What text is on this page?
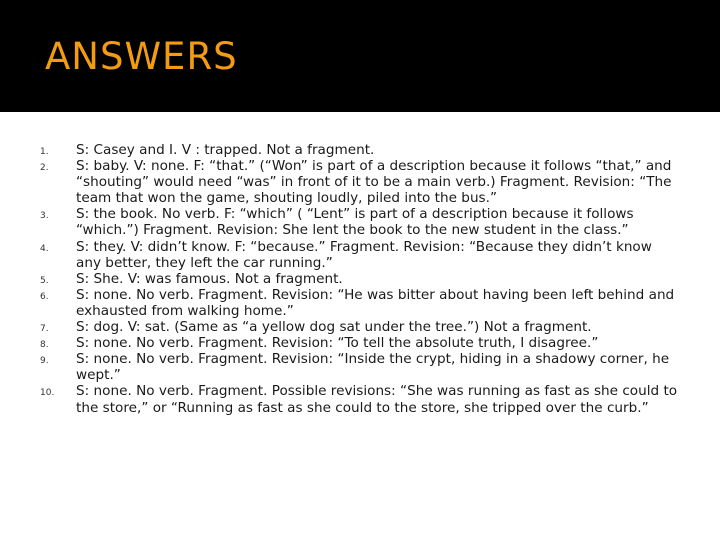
ANSWERS
1. S: Casey and I. V : trapped. Not a fragment.
2. S: baby. V: none. F: “that.” (“Won” is part of a description because it follows “that,” and “shouting” would need “was” in front of it to be a main verb.) Fragment. Revision: “The team that won the game, shouting loudly, piled into the bus.”
3. S: the book. No verb. F: “which” ( “Lent” is part of a description because it follows “which.”) Fragment. Revision: She lent the book to the new student in the class.”
4. S: they. V: didn’t know. F: “because.” Fragment. Revision: “Because they didn’t know any better, they left the car running.”
5. S: She. V: was famous. Not a fragment.
6. S: none. No verb. Fragment. Revision: “He was bitter about having been left behind and exhausted from walking home.”
7. S: dog. V: sat. (Same as “a yellow dog sat under the tree.”) Not a fragment.
8. S: none. No verb. Fragment. Revision: “To tell the absolute truth, I disagree.”
9. S: none. No verb. Fragment. Revision: “Inside the crypt, hiding in a shadowy corner, he wept.”
10. S: none. No verb. Fragment. Possible revisions: “She was running as fast as she could to the store,” or “Running as fast as she could to the store, she tripped over the curb.”
